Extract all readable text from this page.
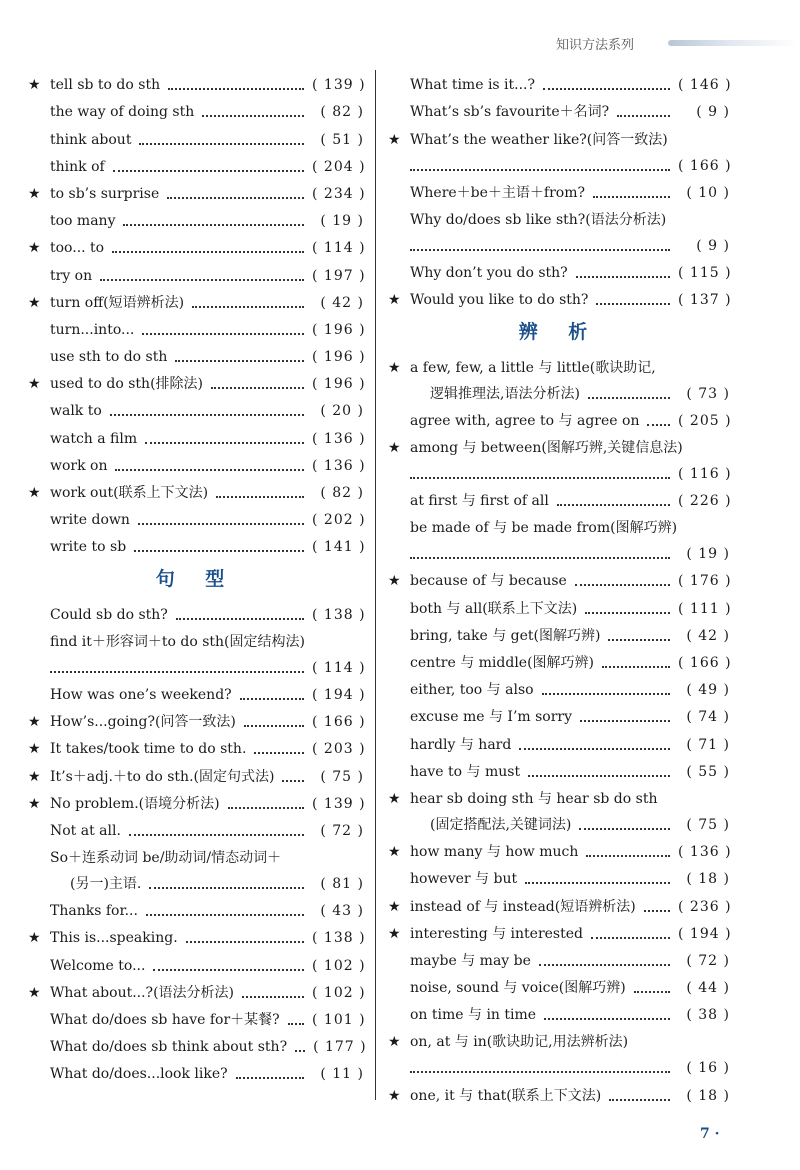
知识方法系列
★ tell sb to do sth	( 139 )
the way of doing sth	( 82 )
think about	( 51 )
think of	( 204 )
★ to sb’s surprise	( 234 )
too many	( 19 )
★ too... to	( 114 )
try on	( 197 )
★ turn off(短语辨析法)	( 42 )
turn...into...	( 196 )
use sth to do sth	( 196 )
★ used to do sth(排除法)	( 196 )
walk to	( 20 )
watch a film	( 136 )
work on	( 136 )
★ work out(联系上下文法)	( 82 )
write down	( 202 )
write to sb	( 141 )
句 型
Could sb do sth?	( 138 )
find it＋形容词＋to do sth(固定结构法)
( 114 )
How was one’s weekend?	( 194 )
★ How’s...going?(问答一致法)	( 166 )
★ It takes/took time to do sth.	( 203 )
★ It’s＋adj.＋to do sth.(固定句式法)	( 75 )
★ No problem.(语境分析法)	( 139 )
Not at all.	( 72 )
So＋连系动词 be/助动词/情态动词＋
(另一)主语.	( 81 )
Thanks for...	( 43 )
★ This is...speaking.	( 138 )
Welcome to...	( 102 )
★ What about...?(语法分析法)	( 102 )
What do/does sb have for＋某餐? ( 101 )
What do/does sb think about sth? ( 177 )
What do/does...look like?	( 11 )
What time is it...?	( 146 )
What’s sb’s favourite＋名词?	( 9 )
★ What’s the weather like?(问答一致法)
( 166 )
Where＋be＋主语＋from?	( 10 )
Why do/does sb like sth?(语法分析法)
( 9 )
Why don’t you do sth?	( 115 )
★ Would you like to do sth?	( 137 )
辨 析
★ a few, few, a little 与 little(歌诀助记,
逻辑推理法,语法分析法)	( 73 )
agree with, agree to 与 agree on	( 205 )
★ among 与 between(图解巧辨,关键信息法)
( 116 )
at first 与 first of all	( 226 )
be made of 与 be made from(图解巧辨)
( 19 )
★ because of 与 because	( 176 )
both 与 all(联系上下文法)	( 111 )
bring, take 与 get(图解巧辨)	( 42 )
centre 与 middle(图解巧辨)	( 166 )
either, too 与 also	( 49 )
excuse me 与 I’m sorry	( 74 )
hardly 与 hard	( 71 )
have to 与 must	( 55 )
★ hear sb doing sth 与 hear sb do sth
(固定搭配法,关键词法)	( 75 )
★ how many 与 how much	( 136 )
however 与 but	( 18 )
★ instead of 与 instead(短语辨析法)	( 236 )
★ interesting 与 interested	( 194 )
maybe 与 may be	( 72 )
noise, sound 与 voice(图解巧辨)	( 44 )
on time 与 in time	( 38 )
★ on, at 与 in(歌诀助记,用法辨析法)
( 16 )
★ one, it 与 that(联系上下文法)	( 18 )
7 ·
